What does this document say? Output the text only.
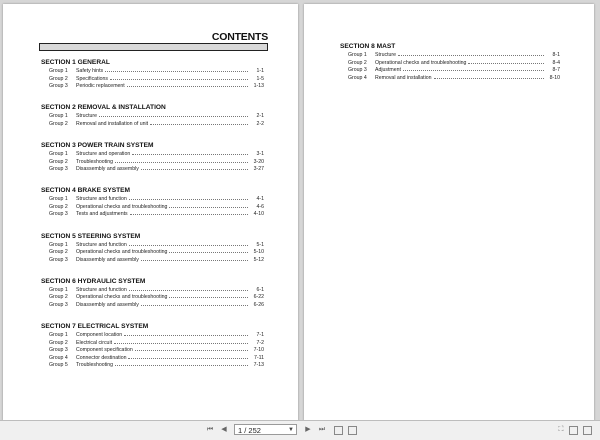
CONTENTS
SECTION 1 GENERAL
Group 1	Safety hints	1-1
Group 2	Specifications	1-5
Group 3	Periodic replacement	1-13
SECTION 2 REMOVAL & INSTALLATION
Group 1	Structure	2-1
Group 2	Removal and installation of unit	2-2
SECTION 3 POWER TRAIN SYSTEM
Group 1	Structure and operation	3-1
Group 2	Troubleshooting	3-20
Group 3	Disassembly and assembly	3-27
SECTION 4 BRAKE SYSTEM
Group 1	Structure and function	4-1
Group 2	Operational checks and troubleshooting	4-6
Group 3	Tests and adjustments	4-10
SECTION 5 STEERING SYSTEM
Group 1	Structure and function	5-1
Group 2	Operational checks and troubleshooting	5-10
Group 3	Disassembly and assembly	5-12
SECTION 6 HYDRAULIC SYSTEM
Group 1	Structure and function	6-1
Group 2	Operational checks and troubleshooting	6-22
Group 3	Disassembly and assembly	6-26
SECTION 7 ELECTRICAL SYSTEM
Group 1	Component location	7-1
Group 2	Electrical circuit	7-2
Group 3	Component specification	7-10
Group 4	Connector destination	7-11
Group 5	Troubleshooting	7-13
SECTION 8 MAST
Group 1	Structure	8-1
Group 2	Operational checks and troubleshooting	8-4
Group 3	Adjustment	8-7
Group 4	Removal and installation	8-10
⏮	◀	1 / 252	▼	▶	⏭	⛶
